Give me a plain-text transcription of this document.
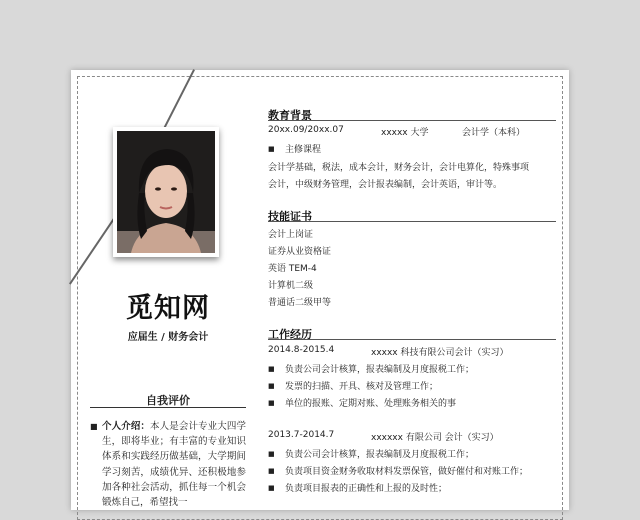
觅知网
应届生 / 财务会计
自我评价
■ 个人介绍：本人是会计专业大四学生，即将毕业；有丰富的专业知识体系和实践经历做基础，大学期间学习刻苦，成绩优异、还积极地参加各种社会活动，抓住每一个机会锻炼自己，希望找一
教育背景
20xx.09/20xx.07	xxxxx 大学	会计学（本科）
■ 主修课程
会计学基础，税法，成本会计，财务会计，会计电算化，特殊事项
会计，中级财务管理，会计报表编制，会计英语，审计等。
技能证书
会计上岗证
证券从业资格证
英语 TEM-4
计算机二级
普通话二级甲等
工作经历
2014.8-2015.4	xxxxx 科技有限公司会计（实习）
■ 负责公司会计核算，报表编制及月度报税工作；
■ 发票的扫描、开具、核对及管理工作；
■ 单位的报账、定期对账、处理账务相关的事
2013.7-2014.7	xxxxxx 有限公司 会计（实习）
■ 负责公司会计核算，报表编制及月度报税工作；
■ 负责项目资金财务收取材料发票保管，做好催付和对账工作；
■ 负责项目报表的正确性和上报的及时性；
